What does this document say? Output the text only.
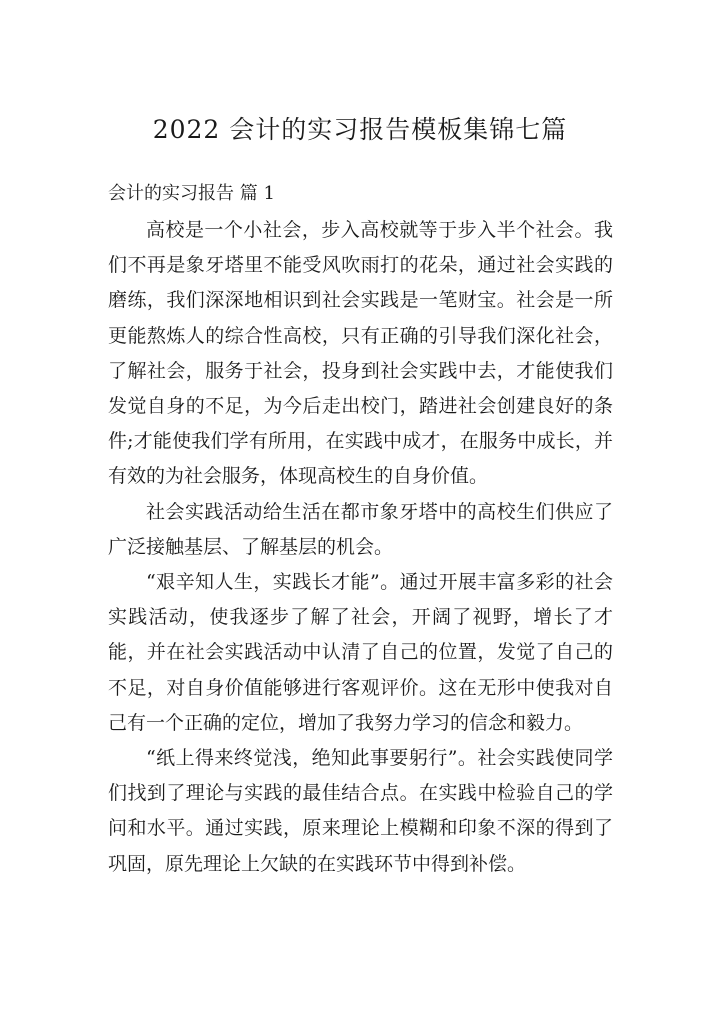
2022 会计的实习报告模板集锦七篇

会计的实习报告 篇 1

高校是一个小社会，步入高校就等于步入半个社会。我们不再是象牙塔里不能受风吹雨打的花朵，通过社会实践的磨练，我们深深地相识到社会实践是一笔财宝。社会是一所更能熬炼人的综合性高校，只有正确的引导我们深化社会，了解社会，服务于社会，投身到社会实践中去，才能使我们发觉自身的不足，为今后走出校门，踏进社会创建良好的条件;才能使我们学有所用，在实践中成才，在服务中成长，并有效的为社会服务，体现高校生的自身价值。

社会实践活动给生活在都市象牙塔中的高校生们供应了广泛接触基层、了解基层的机会。

“艰辛知人生，实践长才能”。通过开展丰富多彩的社会实践活动，使我逐步了解了社会，开阔了视野，增长了才能，并在社会实践活动中认清了自己的位置，发觉了自己的不足，对自身价值能够进行客观评价。这在无形中使我对自己有一个正确的定位，增加了我努力学习的信念和毅力。

“纸上得来终觉浅，绝知此事要躬行”。社会实践使同学们找到了理论与实践的最佳结合点。在实践中检验自己的学问和水平。通过实践，原来理论上模糊和印象不深的得到了巩固，原先理论上欠缺的在实践环节中得到补偿。
